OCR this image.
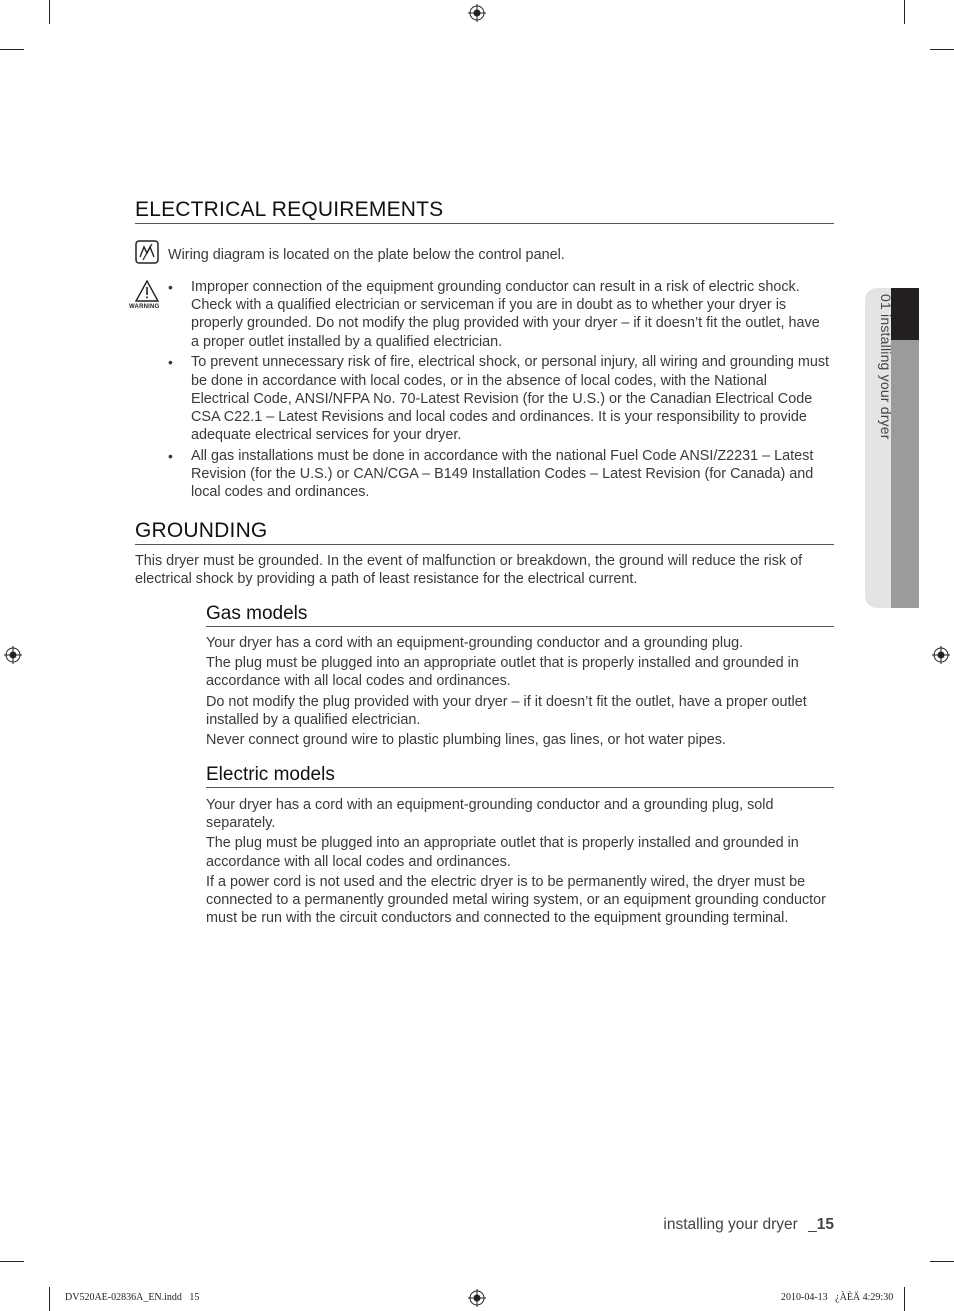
01 installing your dryer
ELECTRICAL REQUIREMENTS
Wiring diagram is located on the plate below the control panel.
WARNING
• Improper connection of the equipment grounding conductor can result in a risk of electric shock. Check with a qualified electrician or serviceman if you are in doubt as to whether your dryer is properly grounded. Do not modify the plug provided with your dryer – if it doesn’t fit the outlet, have a proper outlet installed by a qualified electrician.
• To prevent unnecessary risk of fire, electrical shock, or personal injury, all wiring and grounding must be done in accordance with local codes, or in the absence of local codes, with the National Electrical Code, ANSI/NFPA No. 70-Latest Revision (for the U.S.) or the Canadian Electrical Code CSA C22.1 – Latest Revisions and local codes and ordinances. It is your responsibility to provide adequate electrical services for your dryer.
• All gas installations must be done in accordance with the national Fuel Code ANSI/Z2231 – Latest Revision (for the U.S.) or CAN/CGA – B149 Installation Codes – Latest Revision (for Canada) and local codes and ordinances.
GROUNDING
This dryer must be grounded. In the event of malfunction or breakdown, the ground will reduce the risk of electrical shock by providing a path of least resistance for the electrical current.
Gas models

Your dryer has a cord with an equipment-grounding conductor and a grounding plug.

The plug must be plugged into an appropriate outlet that is properly installed and grounded in accordance with all local codes and ordinances.

Do not modify the plug provided with your dryer – if it doesn’t fit the outlet, have a proper outlet installed by a qualified electrician.

Never connect ground wire to plastic plumbing lines, gas lines, or hot water pipes.

Electric models

Your dryer has a cord with an equipment-grounding conductor and a grounding plug, sold separately.

The plug must be plugged into an appropriate outlet that is properly installed and grounded in accordance with all local codes and ordinances.

If a power cord is not used and the electric dryer is to be permanently wired, the dryer must be connected to a permanently grounded metal wiring system, or an equipment grounding conductor must be run with the circuit conductors and connected to the equipment grounding terminal.

installing your dryer _15
DV520AE-02836A_EN.indd   15	2010-04-13   ¿ÀÈÄ 4:29:30
